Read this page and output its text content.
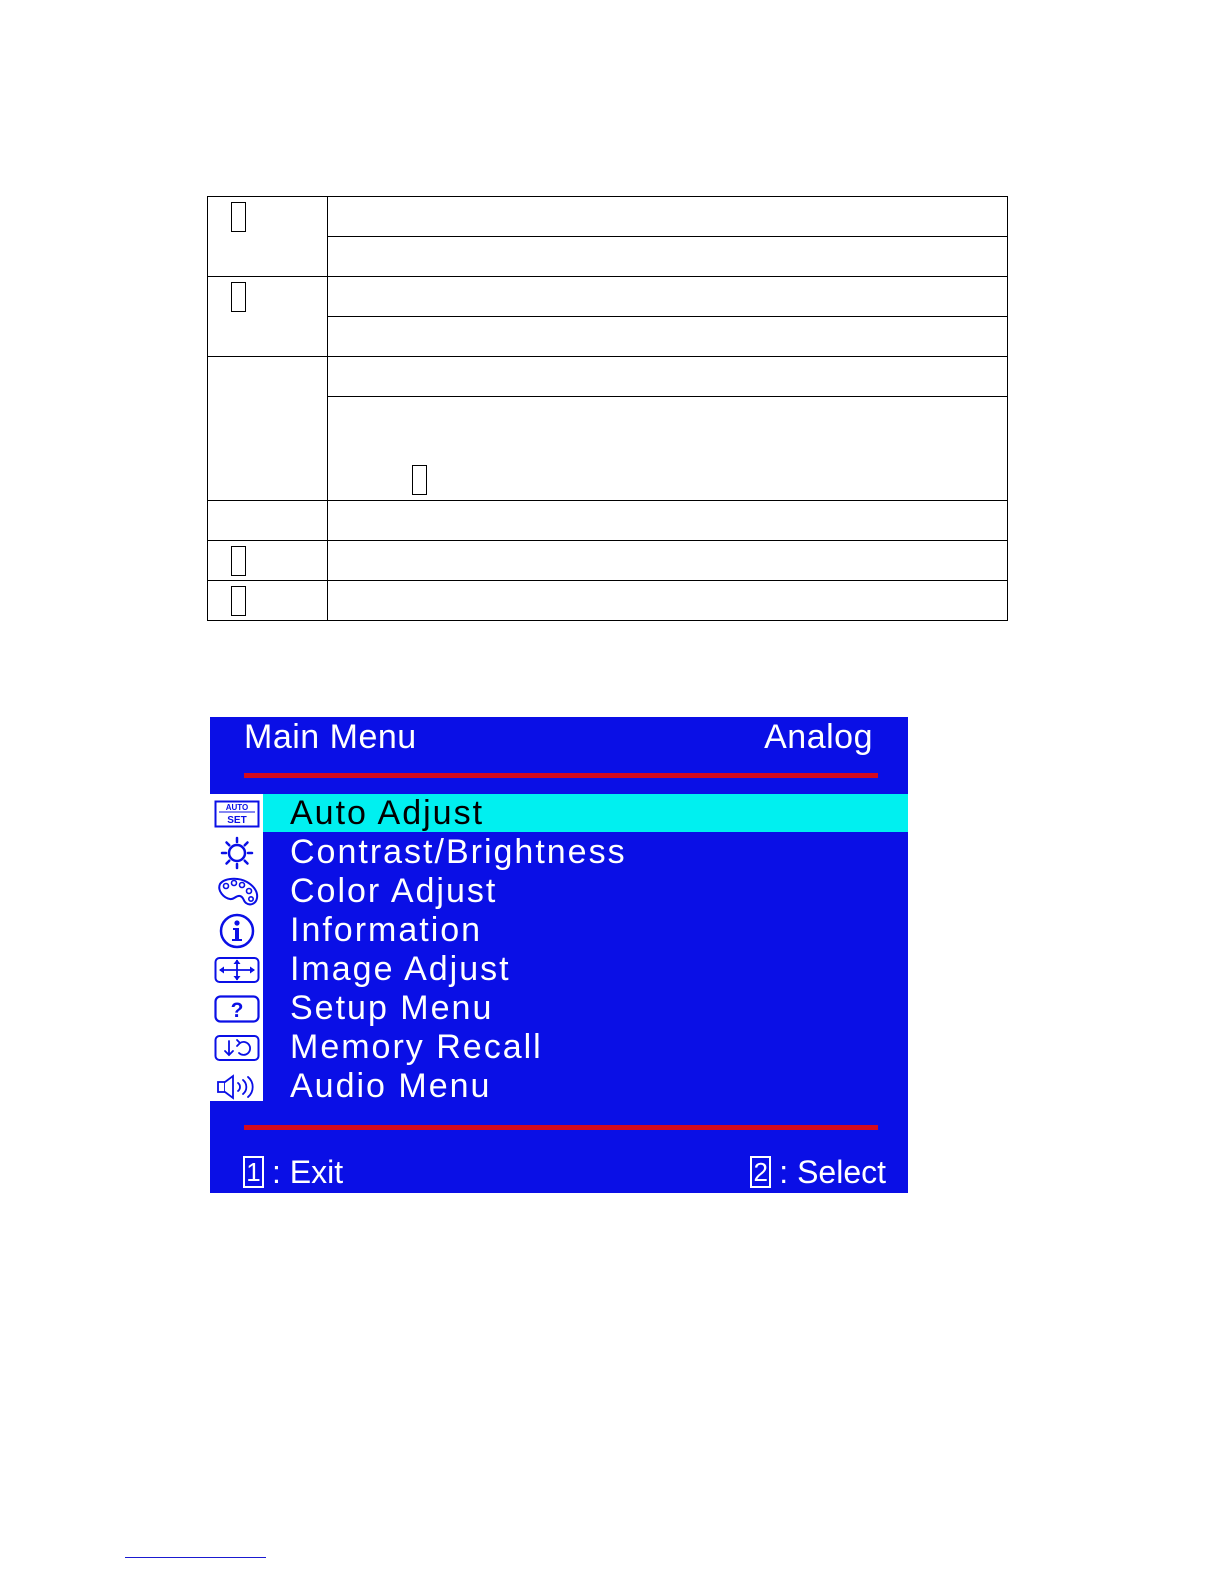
Main Menu	Analog
AUTO
SET
?
Auto Adjust
Contrast/Brightness
Color Adjust
Information
Image Adjust
Setup Menu
Memory Recall
Audio Menu
1 : Exit	2 : Select
